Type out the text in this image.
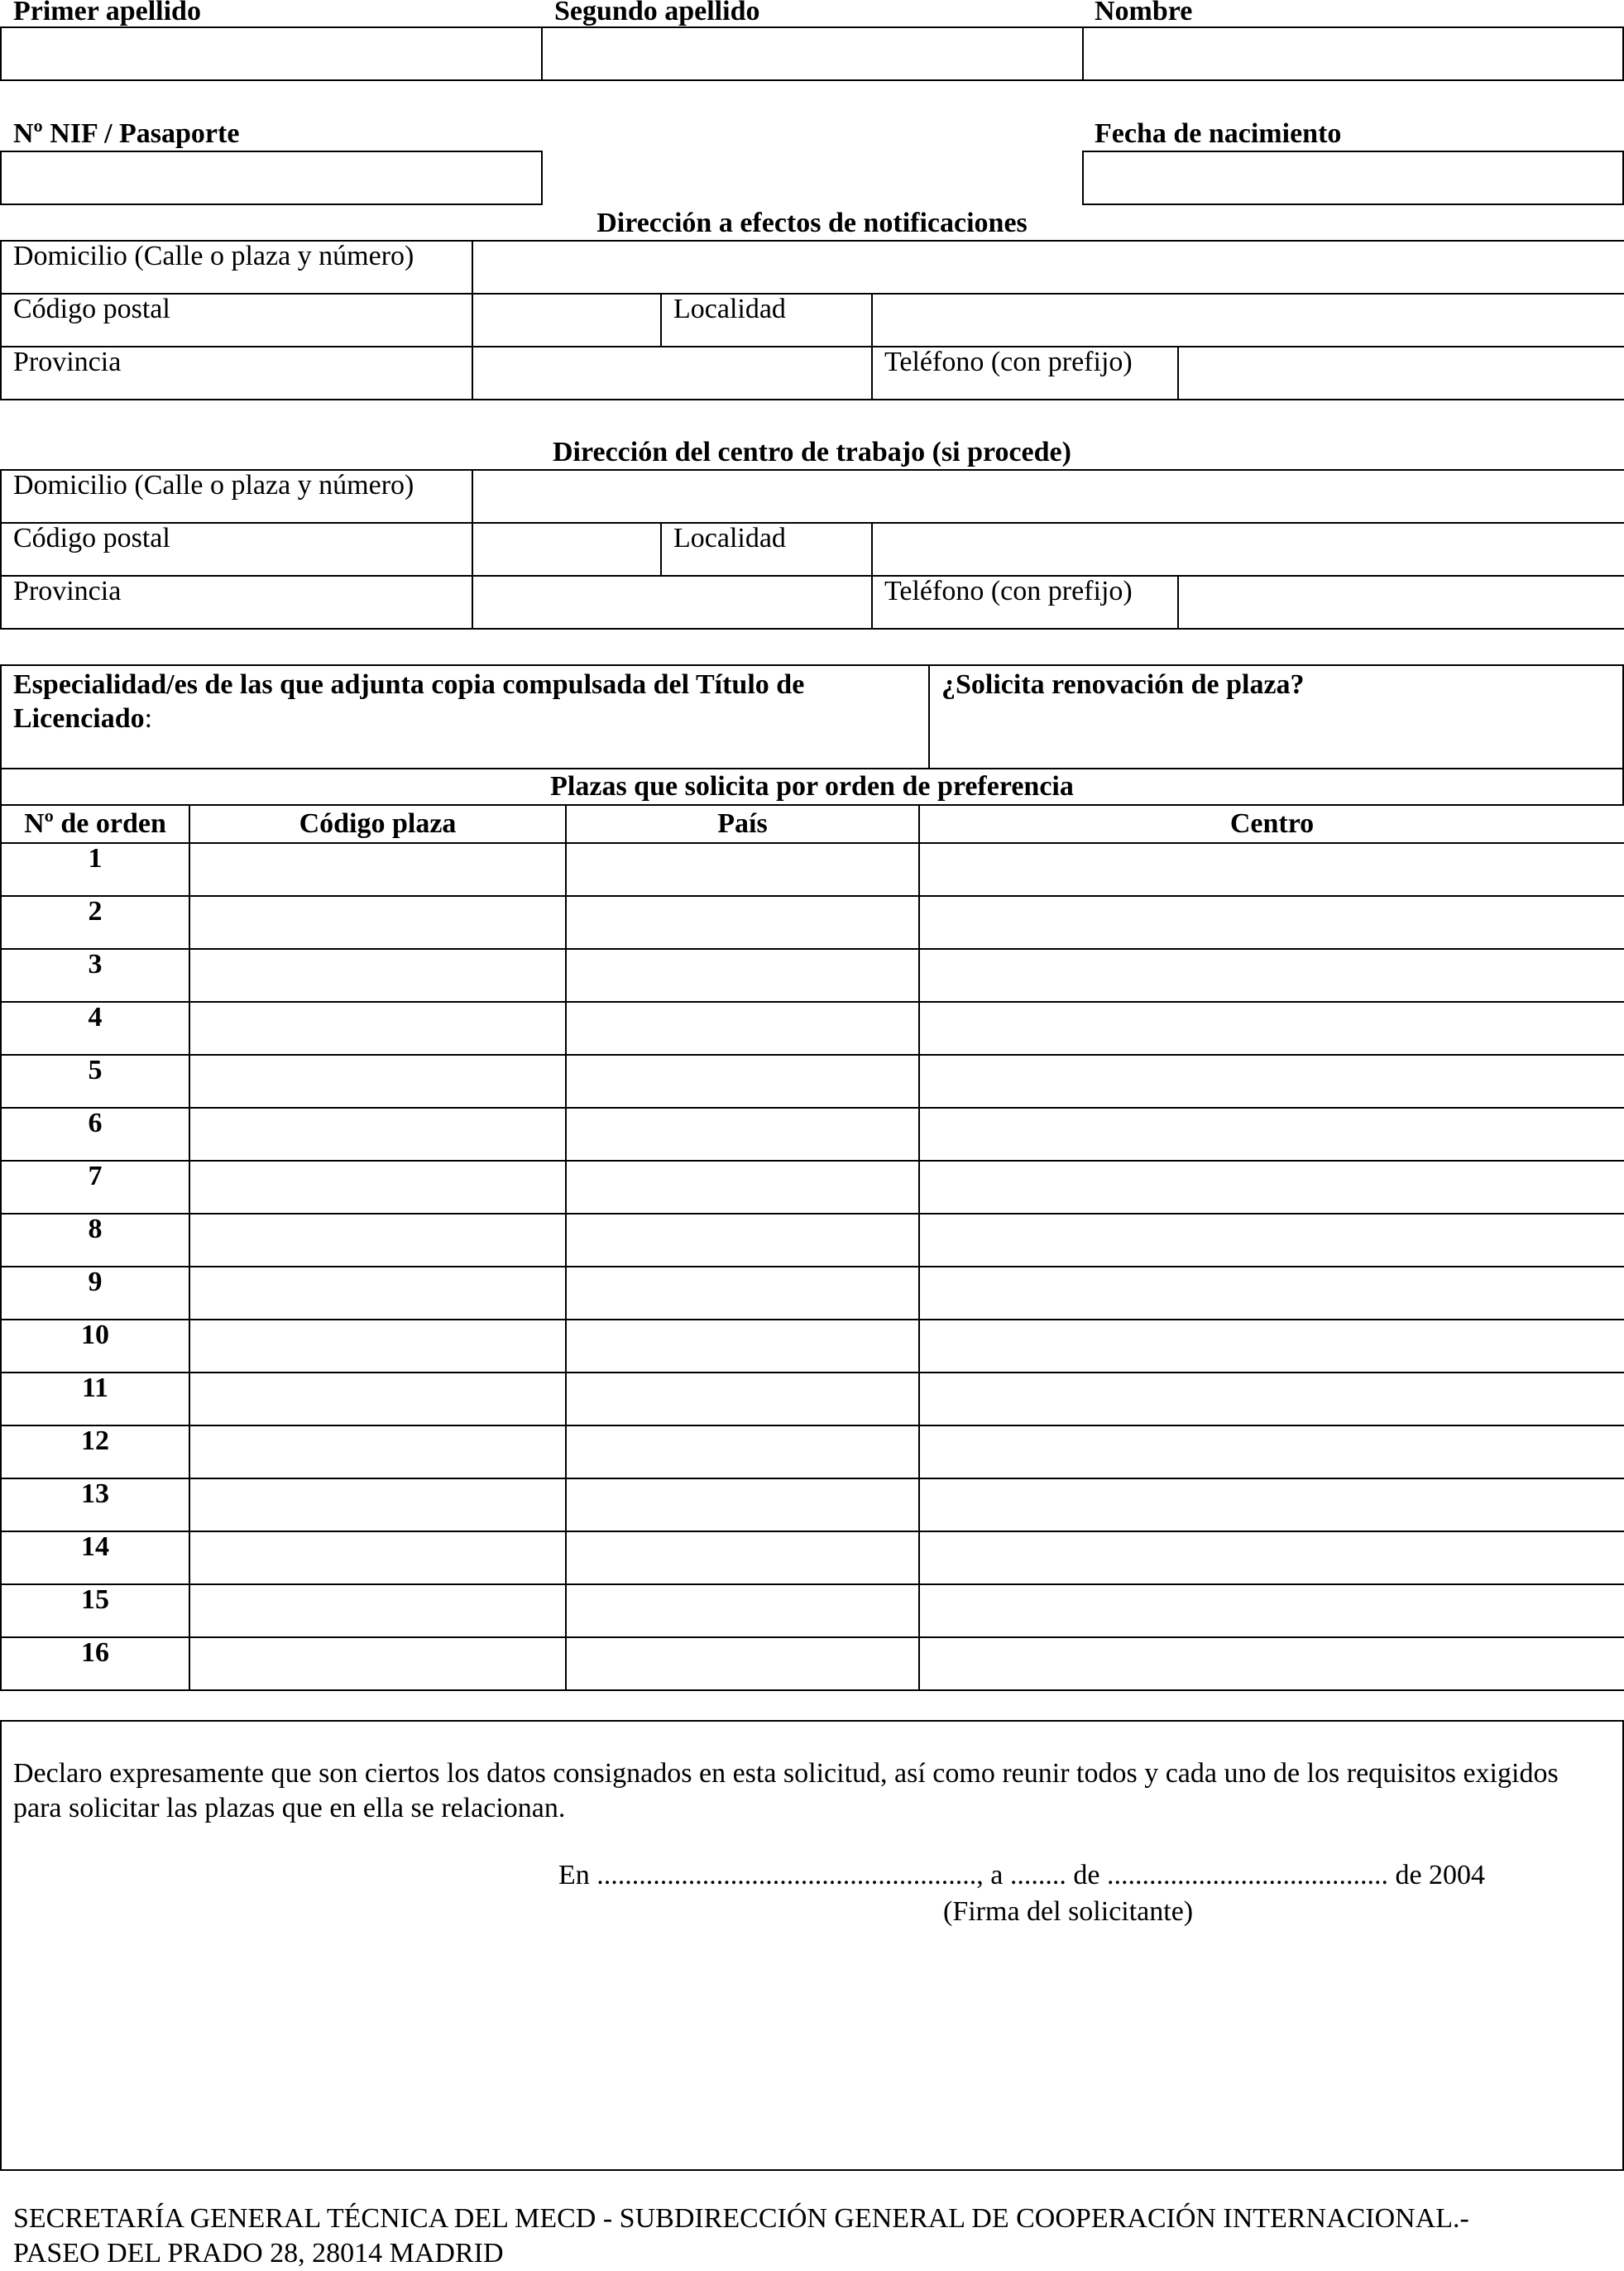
Primer apellido	Segundo apellido	Nombre
Nº NIF / Pasaporte	Fecha de nacimiento
Dirección a efectos de notificaciones
Domicilio (Calle o plaza y número)				
Código postal		Localidad		
Provincia			Teléfono (con prefijo)	
Dirección del centro de trabajo (si procede)
Domicilio (Calle o plaza y número)				
Código postal		Localidad		
Provincia			Teléfono (con prefijo)	
Especialidad/es de las que adjunta copia compulsada del Título de
Licenciado:
¿Solicita renovación de plaza?
Plazas que solicita por orden de preferencia
Nº de orden	Código plaza	País	Centro
1			
2			
3			
4			
5			
6			
7			
8			
9			
10			
11			
12			
13			
14			
15			
16			
Declaro expresamente que son ciertos los datos consignados en esta solicitud, así como reunir todos y cada uno de los requisitos exigidos para solicitar las plazas que en ella se relacionan.
En ......................................................, a ........ de ........................................ de 2004
(Firma del solicitante)
SECRETARÍA GENERAL TÉCNICA DEL MECD - SUBDIRECCIÓN GENERAL DE COOPERACIÓN INTERNACIONAL.-
PASEO DEL PRADO 28, 28014 MADRID
